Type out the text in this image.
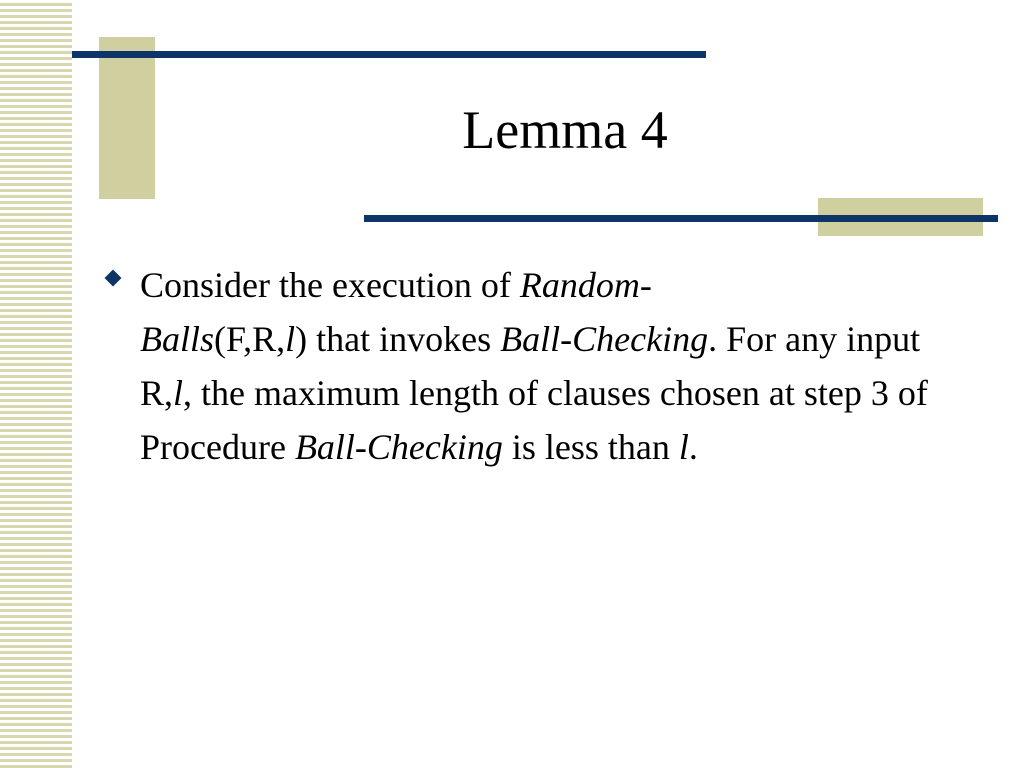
Lemma 4
Consider the execution of Random-
Balls(F,R,l) that invokes Ball-Checking. For any input R,l, the maximum length of clauses chosen at step 3 of Procedure Ball-Checking is less than l.
